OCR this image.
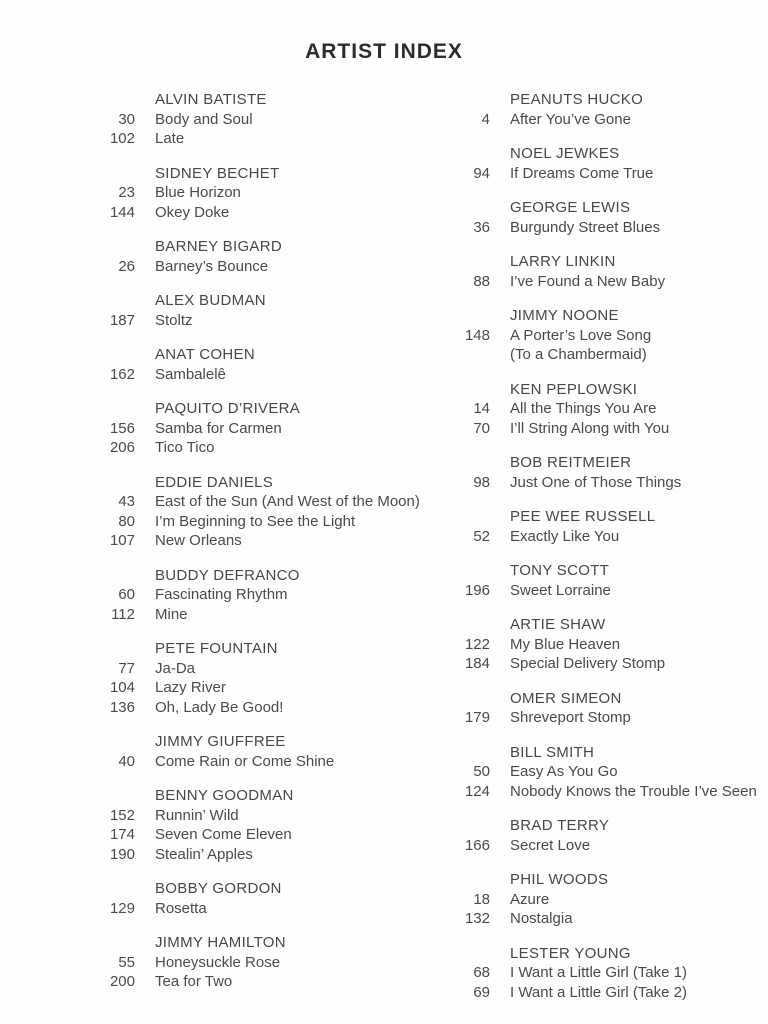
ARTIST INDEX
ALVIN BATISTE
30 Body and Soul
102 Late
SIDNEY BECHET
23 Blue Horizon
144 Okey Doke
BARNEY BIGARD
26 Barney’s Bounce
ALEX BUDMAN
187 Stoltz
ANAT COHEN
162 Sambalelê
PAQUITO D’RIVERA
156 Samba for Carmen
206 Tico Tico
EDDIE DANIELS
43 East of the Sun (And West of the Moon)
80 I’m Beginning to See the Light
107 New Orleans
BUDDY DEFRANCO
60 Fascinating Rhythm
112 Mine
PETE FOUNTAIN
77 Ja-Da
104 Lazy River
136 Oh, Lady Be Good!
JIMMY GIUFFREE
40 Come Rain or Come Shine
BENNY GOODMAN
152 Runnin’ Wild
174 Seven Come Eleven
190 Stealin’ Apples
BOBBY GORDON
129 Rosetta
JIMMY HAMILTON
55 Honeysuckle Rose
200 Tea for Two
PEANUTS HUCKO
4 After You’ve Gone
NOEL JEWKES
94 If Dreams Come True
GEORGE LEWIS
36 Burgundy Street Blues
LARRY LINKIN
88 I’ve Found a New Baby
JIMMY NOONE
148 A Porter’s Love Song
(To a Chambermaid)
KEN PEPLOWSKI
14 All the Things You Are
70 I’ll String Along with You
BOB REITMEIER
98 Just One of Those Things
PEE WEE RUSSELL
52 Exactly Like You
TONY SCOTT
196 Sweet Lorraine
ARTIE SHAW
122 My Blue Heaven
184 Special Delivery Stomp
OMER SIMEON
179 Shreveport Stomp
BILL SMITH
50 Easy As You Go
124 Nobody Knows the Trouble I’ve Seen
BRAD TERRY
166 Secret Love
PHIL WOODS
18 Azure
132 Nostalgia
LESTER YOUNG
68 I Want a Little Girl (Take 1)
69 I Want a Little Girl (Take 2)
